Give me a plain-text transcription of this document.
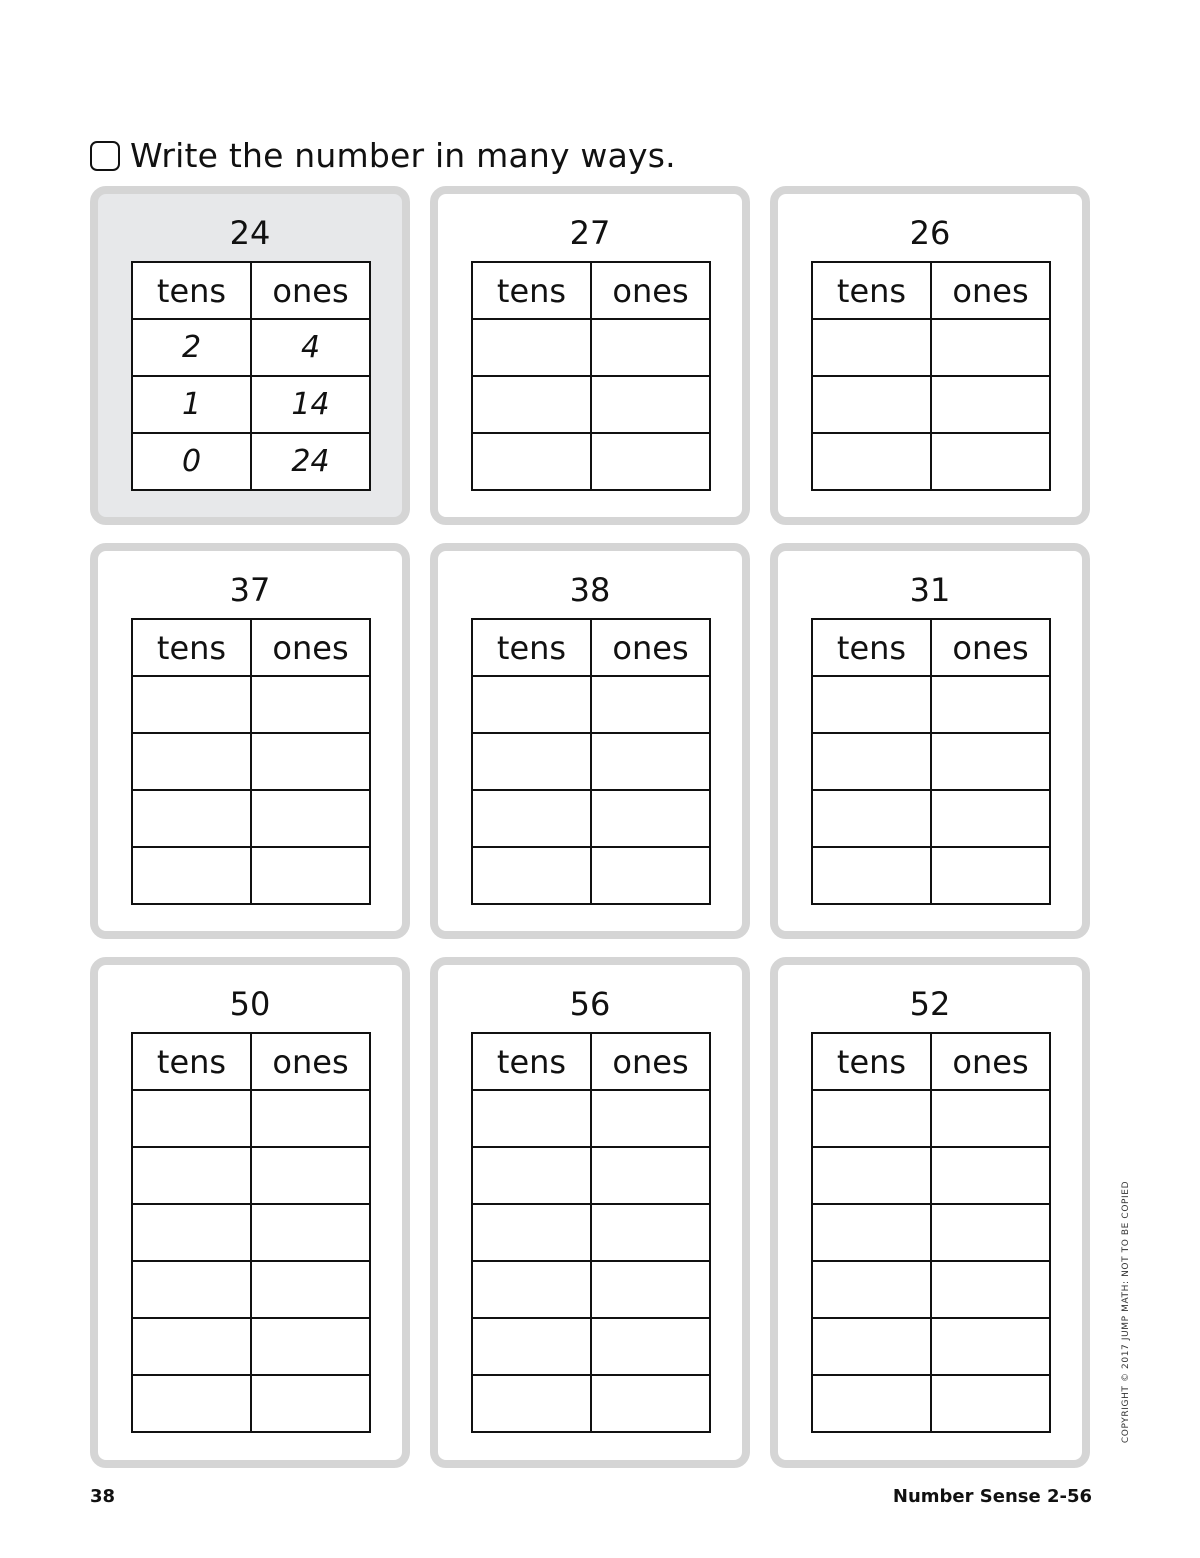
Write the number in many ways.
24
tens	ones
2	4
1	14
0	24
27
tens	ones

26
tens	ones

37
tens	ones

38
tens	ones

31
tens	ones

50
tens	ones

56
tens	ones

52
tens	ones

COPYRIGHT © 2017 JUMP MATH: NOT TO BE COPIED
38	Number Sense 2-56
